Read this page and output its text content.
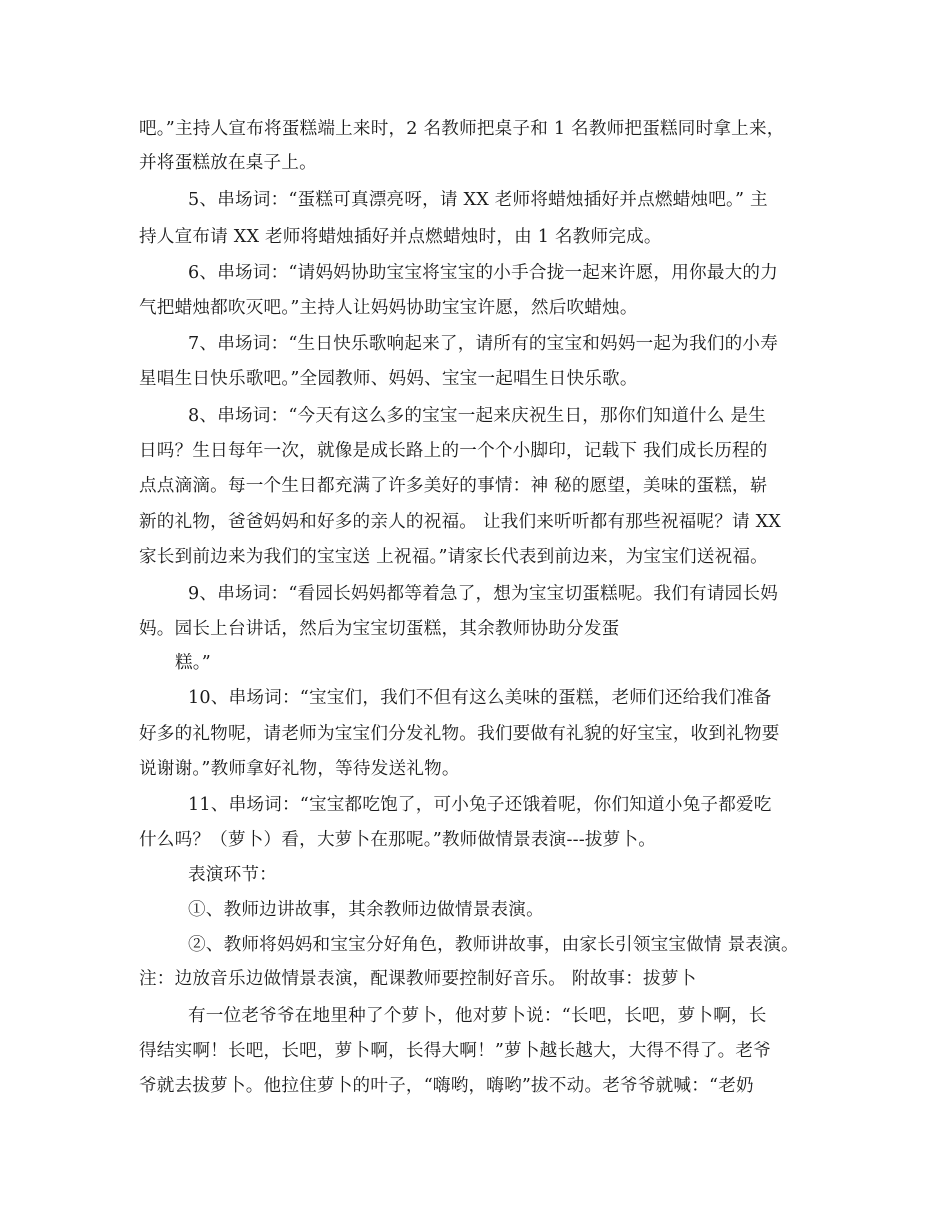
吧。”主持人宣布将蛋糕端上来时，2 名教师把桌子和 1 名教师把蛋糕同时拿上来，
并将蛋糕放在桌子上。
5、串场词：“蛋糕可真漂亮呀，请 XX 老师将蜡烛插好并点燃蜡烛吧。” 主
持人宣布请 XX 老师将蜡烛插好并点燃蜡烛时，由 1 名教师完成。
6、串场词：“请妈妈协助宝宝将宝宝的小手合拢一起来许愿，用你最大的力
气把蜡烛都吹灭吧。”主持人让妈妈协助宝宝许愿，然后吹蜡烛。
7、串场词：“生日快乐歌响起来了，请所有的宝宝和妈妈一起为我们的小寿
星唱生日快乐歌吧。”全园教师、妈妈、宝宝一起唱生日快乐歌。
8、串场词：“今天有这么多的宝宝一起来庆祝生日，那你们知道什么 是生
日吗？生日每年一次，就像是成长路上的一个个小脚印，记载下 我们成长历程的
点点滴滴。每一个生日都充满了许多美好的事情：神 秘的愿望，美味的蛋糕，崭
新的礼物，爸爸妈妈和好多的亲人的祝福。 让我们来听听都有那些祝福呢？请 XX
家长到前边来为我们的宝宝送 上祝福。”请家长代表到前边来，为宝宝们送祝福。
9、串场词：“看园长妈妈都等着急了，想为宝宝切蛋糕呢。我们有请园长妈
妈。园长上台讲话，然后为宝宝切蛋糕，其余教师协助分发蛋
糕。”
10、串场词：“宝宝们，我们不但有这么美味的蛋糕，老师们还给我们准备
好多的礼物呢，请老师为宝宝们分发礼物。我们要做有礼貌的好宝宝，收到礼物要
说谢谢。”教师拿好礼物，等待发送礼物。
11、串场词：“宝宝都吃饱了，可小兔子还饿着呢，你们知道小兔子都爱吃
什么吗？（萝卜）看，大萝卜在那呢。”教师做情景表演---拔萝卜。
表演环节：
①、教师边讲故事，其余教师边做情景表演。
②、教师将妈妈和宝宝分好角色，教师讲故事，由家长引领宝宝做情 景表演。
注：边放音乐边做情景表演，配课教师要控制好音乐。 附故事：拔萝卜
有一位老爷爷在地里种了个萝卜，他对萝卜说：“长吧，长吧，萝卜啊，长
得结实啊！长吧，长吧，萝卜啊，长得大啊！”萝卜越长越大，大得不得了。老爷
爷就去拔萝卜。他拉住萝卜的叶子，“嗨哟，嗨哟”拔不动。老爷爷就喊：“老奶
